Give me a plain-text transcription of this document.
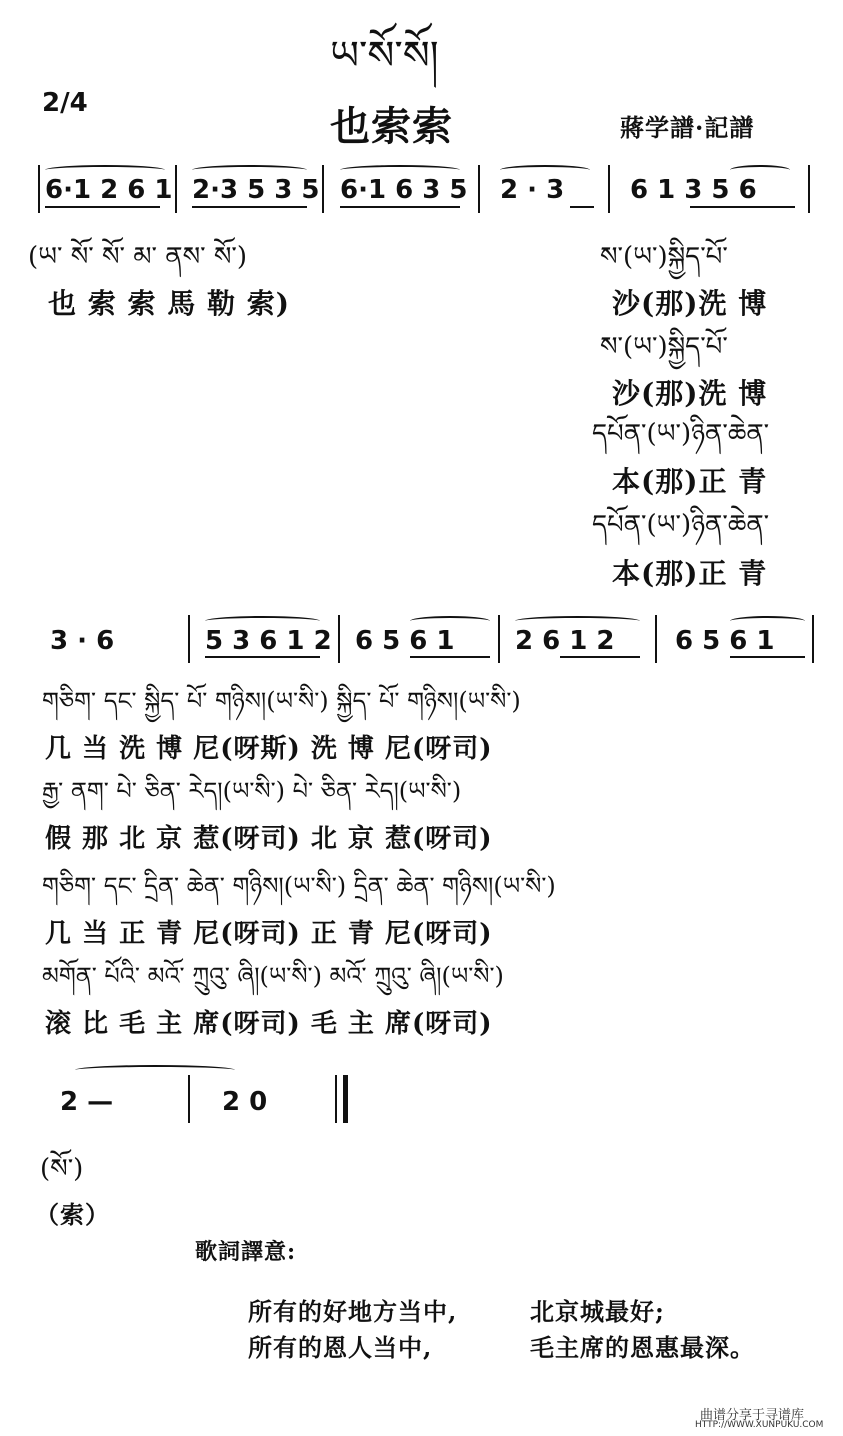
ཡ་སོ་སོ།
2/4	也索索	蔣学譜·記譜
6·1 2 6 1 2·3 5 3 5 6·1 6 3 5 2 · 3	6 1 3 5 6
(ཡ་ སོ་ སོ་ མ་ ནས་ སོ་)
也 索 索 馬 勒 索)
ས་(ཡ་)སྐྱིད་པོ་
沙(那)洗 博
ས་(ཡ་)སྐྱིད་པོ་
沙(那)洗 博
དཔོན་(ཡ་)ཉིན་ཆེན་
本(那)正 青
དཔོན་(ཡ་)ཉིན་ཆེན་
本(那)正 青
3 · 6	5 3 6 1 2 6 5 6 1 2 6 1 2 6 5 6 1
གཅིག་ དང་ སྐྱིད་ པོ་ གཉིས།(ཡ་སི་) སྐྱིད་ པོ་ གཉིས།(ཡ་སི་)
几 当 洗 博 尼(呀斯) 洗 博 尼(呀司)
རྒྱ་ ནག་ པེ་ ཅིན་ རེད།(ཡ་སི་) པེ་ ཅིན་ རེད།(ཡ་སི་)
假 那 北 京 惹(呀司) 北 京 惹(呀司)
གཅིག་ དང་ དྲིན་ ཆེན་ གཉིས།(ཡ་སི་) དྲིན་ ཆེན་ གཉིས།(ཡ་སི་)
几 当 正 青 尼(呀司) 正 青 尼(呀司)
མགོན་ པོའི་ མའོ་ ཀྲུའུ་ ཞི།(ཡ་སི་) མའོ་ ཀྲུའུ་ ཞི།(ཡ་སི་)
滚 比 毛 主 席(呀司) 毛 主 席(呀司)
2 —	2 0
(སོ་)
（索）
歌詞譯意:
所有的好地方当中,	北京城最好;
所有的恩人当中,	毛主席的恩惠最深。
曲谱分享于寻谱库
HTTP://WWW.XUNPUKU.COM
